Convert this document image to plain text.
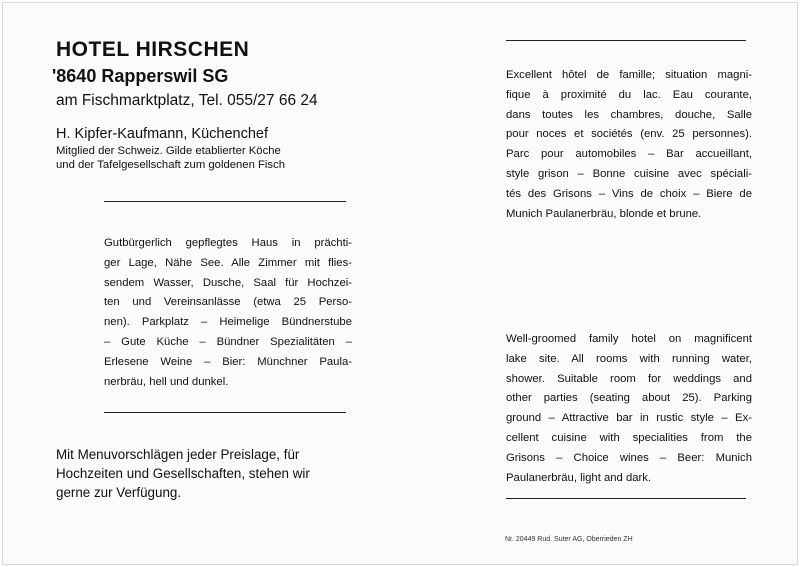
HOTEL HIRSCHEN
'8640 Rapperswil SG
am Fischmarktplatz, Tel. 055/27 66 24
H. Kipfer-Kaufmann, Küchenchef
Mitglied der Schweiz. Gilde etablierter Köche
und der Tafelgesellschaft zum goldenen Fisch
Gutbürgerlich gepflegtes Haus in prächti-
ger Lage, Nähe See. Alle Zimmer mit flies-
sendem Wasser, Dusche, Saal für Hochzei-
ten und Vereinsanlässe (etwa 25 Perso-
nen). Parkplatz – Heimelige Bündnerstube
– Gute Küche – Bündner Spezialitäten –
Erlesene Weine – Bier: Münchner Paula-
nerbräu, hell und dunkel.
Mit Menuvorschlägen jeder Preislage, für
Hochzeiten und Gesellschaften, stehen wir
gerne zur Verfügung.
Excellent hôtel de famille; situation magni-
fique à proximité du lac. Eau courante,
dans toutes les chambres, douche, Salle
pour noces et sociétés (env. 25 personnes).
Parc pour automobiles – Bar accueillant,
style grison – Bonne cuisine avec spéciali-
tés des Grisons – Vins de choix – Biere de
Munich Paulanerbräu, blonde et brune.
Well-groomed family hotel on magnificent
lake site. All rooms with running water,
shower. Suitable room for weddings and
other parties (seating about 25). Parking
ground – Attractive bar in rustic style – Ex-
cellent cuisine with specialities from the
Grisons – Choice wines – Beer: Munich
Paulanerbräu, light and dark.
Nr. 20449 Rud. Suter AG, Oberrieden ZH
